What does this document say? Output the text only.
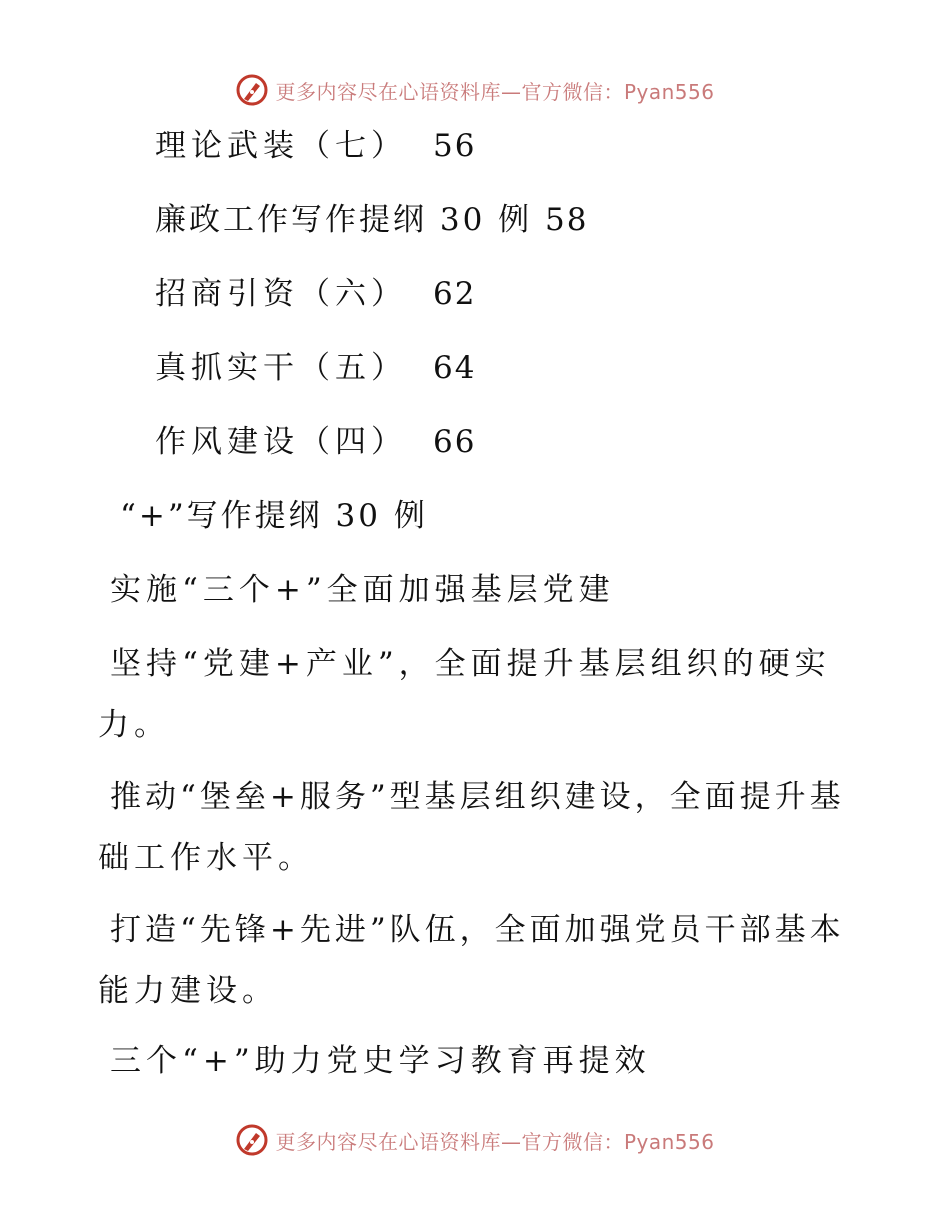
更多内容尽在心语资料库—官方微信：Pyan556
理论武装（七） 56
廉政工作写作提纲 30 例 58
招商引资（六） 62
真抓实干（五） 64
作风建设（四） 66
“+”写作提纲 30 例
实施“三个+”全面加强基层党建
坚持“党建+产业”，全面提升基层组织的硬实
力。
推动“堡垒+服务”型基层组织建设，全面提升基
础工作水平。
打造“先锋+先进”队伍，全面加强党员干部基本
能力建设。
三个“+”助力党史学习教育再提效
更多内容尽在心语资料库—官方微信：Pyan556
